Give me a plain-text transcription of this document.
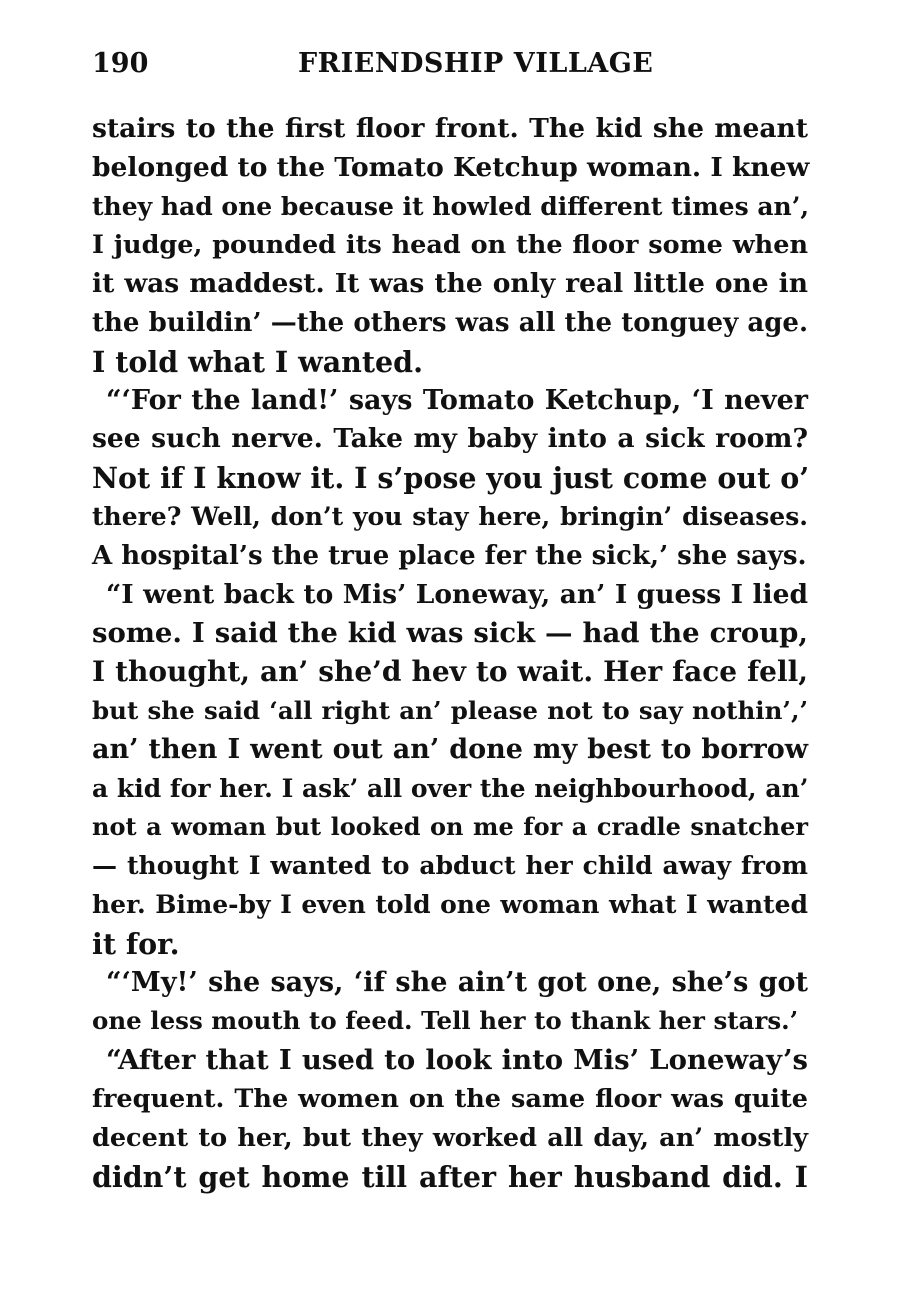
190	FRIENDSHIP VILLAGE
stairs to the first floor front. The kid she meant
belonged to the Tomato Ketchup woman. I knew
they had one because it howled different times an’,
I judge, pounded its head on the floor some when
it was maddest. It was the only real little one in
the buildin’ —the others was all the tonguey age.
I told what I wanted.
“‘For the land!’ says Tomato Ketchup, ‘I never
see such nerve. Take my baby into a sick room?
Not if I know it. I s’pose you just come out o’
there? Well, don’t you stay here, bringin’ diseases.
A hospital’s the true place fer the sick,’ she says.
“I went back to Mis’ Loneway, an’ I guess I lied
some. I said the kid was sick — had the croup,
I thought, an’ she’d hev to wait. Her face fell,
but she said ‘all right an’ please not to say nothin’,’
an’ then I went out an’ done my best to borrow
a kid for her. I ask’ all over the neighbourhood, an’
not a woman but looked on me for a cradle snatcher
— thought I wanted to abduct her child away from
her. Bime-by I even told one woman what I wanted
it for.
“‘My!’ she says, ‘if she ain’t got one, she’s got
one less mouth to feed. Tell her to thank her stars.’
“After that I used to look into Mis’ Loneway’s
frequent. The women on the same floor was quite
decent to her, but they worked all day, an’ mostly
didn’t get home till after her husband did. I
